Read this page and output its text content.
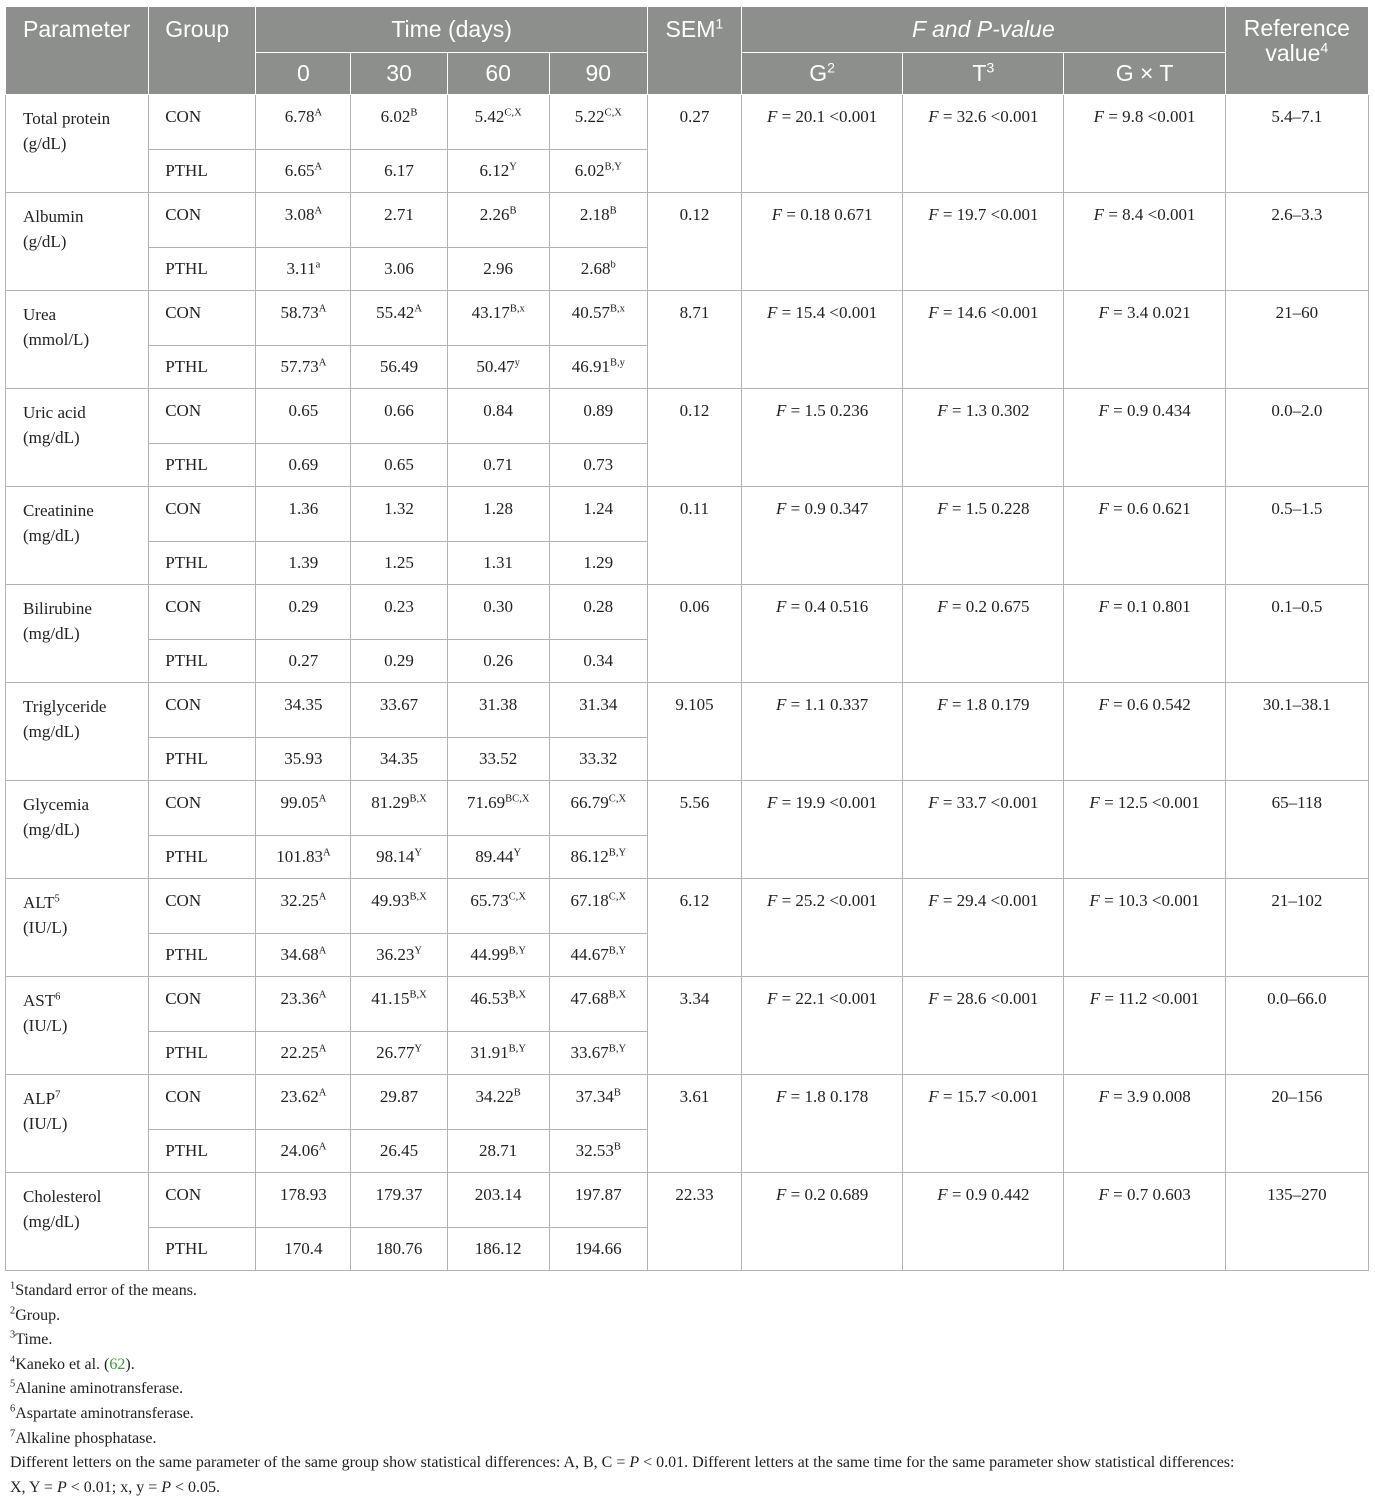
Parameter	Group	Time (days)				SEM$^1$	F and P-value			Reference
value$^4$
		0	30	60	90		$G^2$	$T^3$	G × T	
Total protein
(g/dL)	CON	$6.78^A$	$6.02^B$	$5.42^{C,X}$	$5.22^{C,X}$	0.27	F = 20.1 <0.001	F = 32.6 <0.001	F = 9.8 <0.001	5.4–7.1
	PTHL	$6.65^A$	6.17	$6.12^Y$	$6.02^{B,Y}$
Albumin
(g/dL)	CON	$3.08^A$	2.71	$2.26^B$	$2.18^B$	0.12	F = 0.18 0.671	F = 19.7 <0.001	F = 8.4 <0.001	2.6–3.3
	PTHL	3.11$^a$	3.06	2.96	2.68$^b$
Urea
(mmol/L)	CON	$58.73^A$	$55.42^A$	$43.17^{B,x}$	$40.57^{B,x}$	8.71	F = 15.4 <0.001	F = 14.6 <0.001	F = 3.4 0.021	21–60
	PTHL	$57.73^A$	56.49	50.47$^y$	$46.91^{B,y}$
Uric acid
(mg/dL)	CON	0.65	0.66	0.84	0.89	0.12	F = 1.5 0.236	F = 1.3 0.302	F = 0.9 0.434	0.0–2.0
	PTHL	0.69	0.65	0.71	0.73					
Creatinine
(mg/dL)	CON	1.36	1.32	1.28	1.24	0.11	F = 0.9 0.347	F = 1.5 0.228	F = 0.6 0.621	0.5–1.5
	PTHL	1.39	1.25	1.31	1.29					
Bilirubine
(mg/dL)	CON	0.29	0.23	0.30	0.28	0.06	F = 0.4 0.516	F = 0.2 0.675	F = 0.1 0.801	0.1–0.5
	PTHL	0.27	0.29	0.26	0.34					
Triglyceride
(mg/dL)	CON	34.35	33.67	31.38	31.34	9.105	F = 1.1 0.337	F = 1.8 0.179	F = 0.6 0.542	30.1–38.1
	PTHL	35.93	34.35	33.52	33.32					
Glycemia
(mg/dL)	CON	$99.05^A$	$81.29^{B,X}$	$71.69^{BC,X}$	$66.79^{C,X}$	5.56	F = 19.9 <0.001	F = 33.7 <0.001	F = 12.5 <0.001	65–118
	PTHL	$101.83^A$	$98.14^Y$	$89.44^Y$	$86.12^{B,Y}$
ALT$^5$
(IU/L)	CON	$32.25^A$	$49.93^{B,X}$	$65.73^{C,X}$	$67.18^{C,X}$	6.12	F = 25.2 <0.001	F = 29.4 <0.001	F = 10.3 <0.001	21–102
	PTHL	$34.68^A$	$36.23^Y$	$44.99^{B,Y}$	$44.67^{B,Y}$
AST$^6$
(IU/L)	CON	$23.36^A$	$41.15^{B,X}$	$46.53^{B,X}$	$47.68^{B,X}$	3.34	F = 22.1 <0.001	F = 28.6 <0.001	F = 11.2 <0.001	0.0–66.0
	PTHL	$22.25^A$	$26.77^Y$	$31.91^{B,Y}$	$33.67^{B,Y}$
ALP$^7$
(IU/L)	CON	$23.62^A$	29.87	$34.22^B$	$37.34^B$	3.61	F = 1.8 0.178	F = 15.7 <0.001	F = 3.9 0.008	20–156
	PTHL	$24.06^A$	26.45	28.71	$32.53^B$
Cholesterol
(mg/dL)	CON	178.93	179.37	203.14	197.87	22.33	F = 0.2 0.689	F = 0.9 0.442	F = 0.7 0.603	135–270
	PTHL	170.4	180.76	186.12	194.66					
$^1$Standard error of the means.
$^2$Group.
$^3$Time.
$^4$Kaneko et al. (62).
$^5$Alanine aminotransferase.
$^6$Aspartate aminotransferase.
$^7$Alkaline phosphatase.
Different letters on the same parameter of the same group show statistical differences: A, B, C = P < 0.01. Different letters at the same time for the same parameter show statistical differences:
X, Y = P < 0.01; x, y = P < 0.05.
